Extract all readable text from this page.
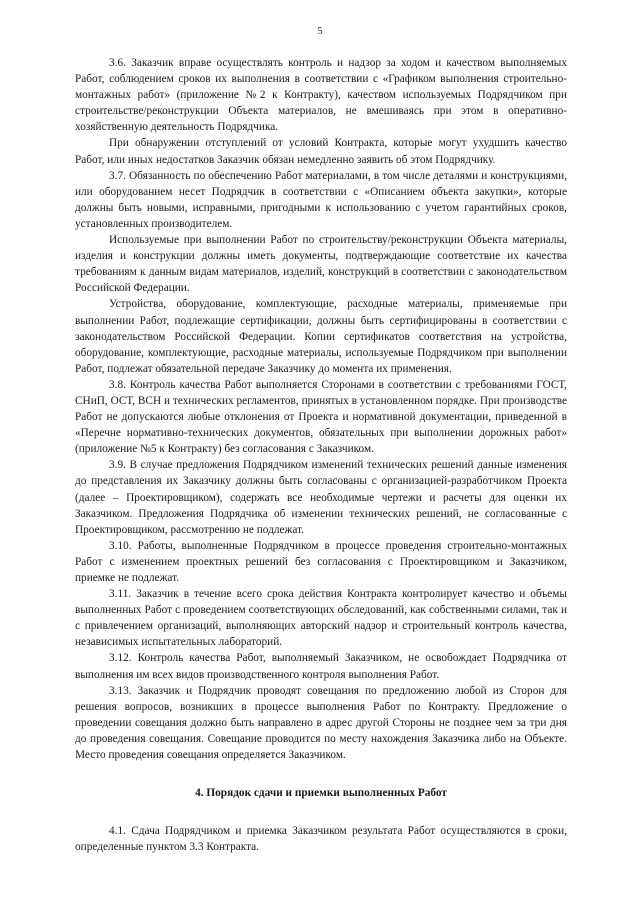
5

3.6. Заказчик вправе осуществлять контроль и надзор за ходом и качеством выполняемых Работ, соблюдением сроков их выполнения в соответствии с «Графиком выполнения строительно-монтажных работ» (приложение №2 к Контракту), качеством используемых Подрядчиком при строительстве/реконструкции Объекта материалов, не вмешиваясь при этом в оперативно-хозяйственную деятельность Подрядчика.

При обнаружении отступлений от условий Контракта, которые могут ухудшить качество Работ, или иных недостатков Заказчик обязан немедленно заявить об этом Подрядчику.

3.7. Обязанность по обеспечению Работ материалами, в том числе деталями и конструкциями, или оборудованием несет Подрядчик в соответствии с «Описанием объекта закупки», которые должны быть новыми, исправными, пригодными к использованию с учетом гарантийных сроков, установленных производителем.

Используемые при выполнении Работ по строительству/реконструкции Объекта материалы, изделия и конструкции должны иметь документы, подтверждающие соответствие их качества требованиям к данным видам материалов, изделий, конструкций в соответствии с законодательством Российской Федерации.

Устройства, оборудование, комплектующие, расходные материалы, применяемые при выполнении Работ, подлежащие сертификации, должны быть сертифицированы в соответствии с законодательством Российской Федерации. Копии сертификатов соответствия на устройства, оборудование, комплектующие, расходные материалы, используемые Подрядчиком при выполнении Работ, подлежат обязательной передаче Заказчику до момента их применения.

3.8. Контроль качества Работ выполняется Сторонами в соответствии с требованиями ГОСТ, СНиП, ОСТ, ВСН и технических регламентов, принятых в установленном порядке. При производстве Работ не допускаются любые отклонения от Проекта и нормативной документации, приведенной в «Перечне нормативно-технических документов, обязательных при выполнении дорожных работ» (приложение №5 к Контракту) без согласования с Заказчиком.

3.9. В случае предложения Подрядчиком изменений технических решений данные изменения до представления их Заказчику должны быть согласованы с организацией-разработчиком Проекта (далее – Проектировщиком), содержать все необходимые чертежи и расчеты для оценки их Заказчиком. Предложения Подрядчика об изменении технических решений, не согласованные с Проектировщиком, рассмотрению не подлежат.

3.10. Работы, выполненные Подрядчиком в процессе проведения строительно-монтажных Работ с изменением проектных решений без согласования с Проектировщиком и Заказчиком, приемке не подлежат.

3.11. Заказчик в течение всего срока действия Контракта контролирует качество и объемы выполненных Работ с проведением соответствующих обследований, как собственными силами, так и с привлечением организаций, выполняющих авторский надзор и строительный контроль качества, независимых испытательных лабораторий.

3.12. Контроль качества Работ, выполняемый Заказчиком, не освобождает Подрядчика от выполнения им всех видов производственного контроля выполнения Работ.

3.13. Заказчик и Подрядчик проводят совещания по предложению любой из Сторон для решения вопросов, возникших в процессе выполнения Работ по Контракту. Предложение о проведении совещания должно быть направлено в адрес другой Стороны не позднее чем за три дня до проведения совещания. Совещание проводится по месту нахождения Заказчика либо на Объекте. Место проведения совещания определяется Заказчиком.

4. Порядок сдачи и приемки выполненных Работ

4.1. Сдача Подрядчиком и приемка Заказчиком результата Работ осуществляются в сроки, определенные пунктом 3.3 Контракта.
